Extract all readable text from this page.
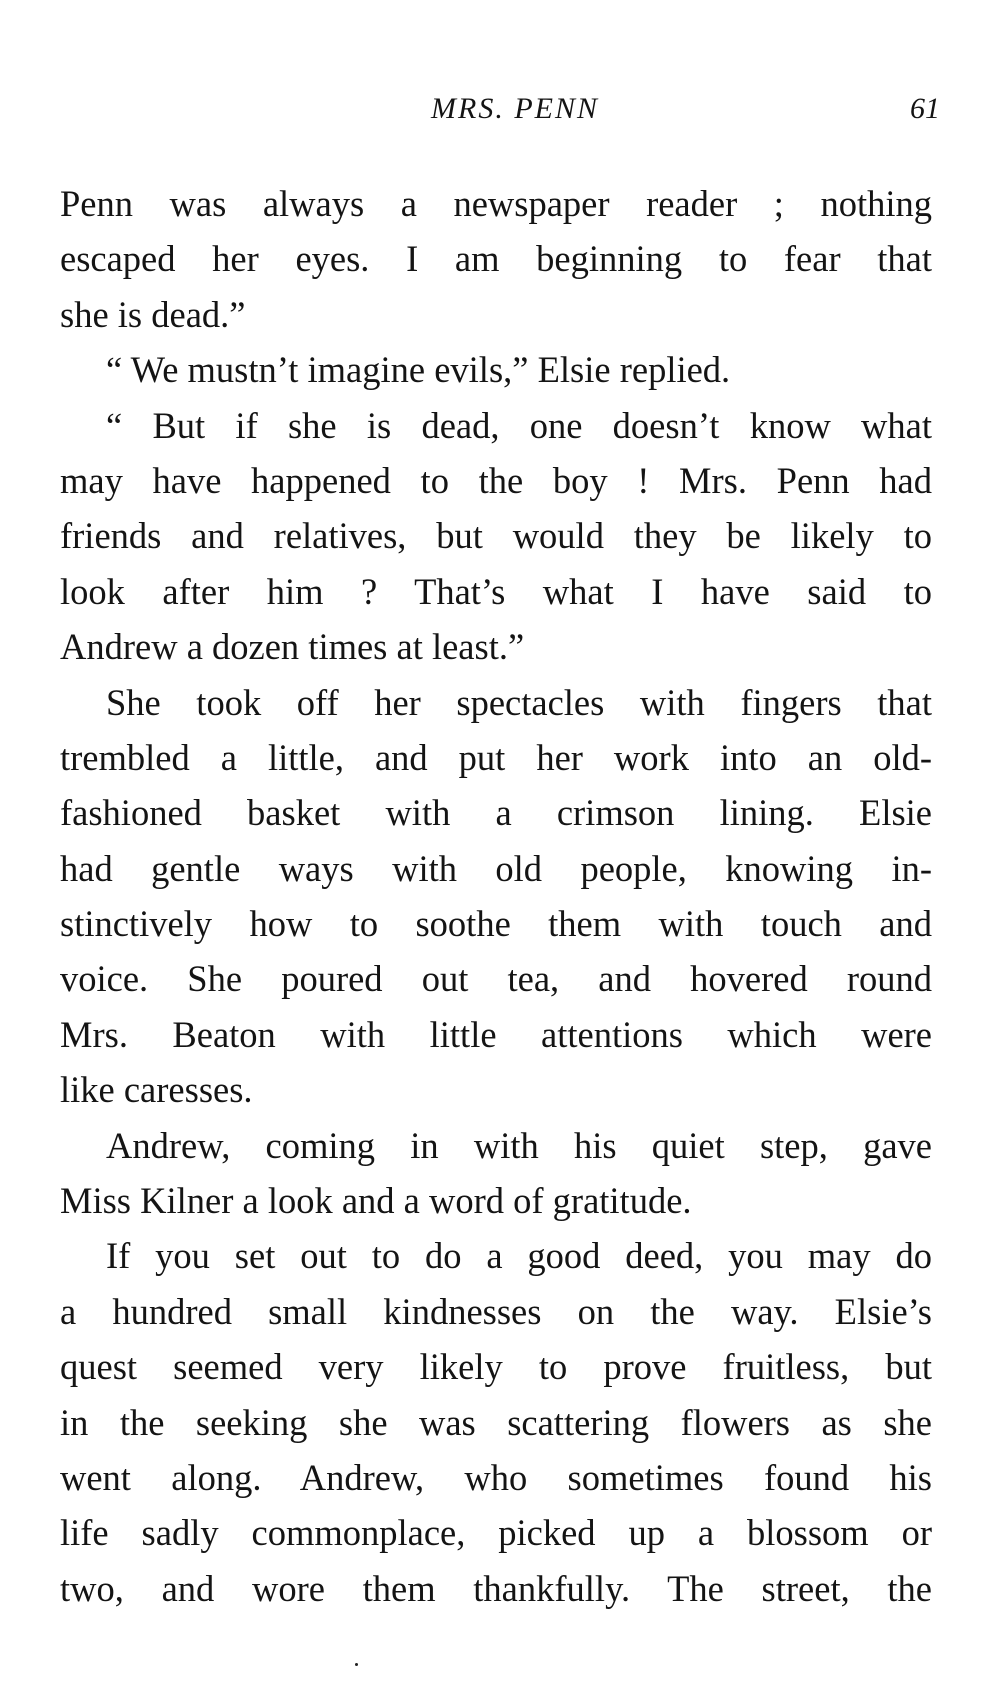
MRS. PENN	61
Penn was always a newspaper reader ; nothing
escaped her eyes. I am beginning to fear that
she is dead.”
“ We mustn’t imagine evils,” Elsie replied.
“ But if she is dead, one doesn’t know what
may have happened to the boy ! Mrs. Penn had
friends and relatives, but would they be likely to
look after him ? That’s what I have said to
Andrew a dozen times at least.”
She took off her spectacles with fingers that
trembled a little, and put her work into an old-
fashioned basket with a crimson lining. Elsie
had gentle ways with old people, knowing in-
stinctively how to soothe them with touch and
voice. She poured out tea, and hovered round
Mrs. Beaton with little attentions which were
like caresses.
Andrew, coming in with his quiet step, gave
Miss Kilner a look and a word of gratitude.
If you set out to do a good deed, you may do
a hundred small kindnesses on the way. Elsie’s
quest seemed very likely to prove fruitless, but
in the seeking she was scattering flowers as she
went along. Andrew, who sometimes found his
life sadly commonplace, picked up a blossom or
two, and wore them thankfully. The street, the
